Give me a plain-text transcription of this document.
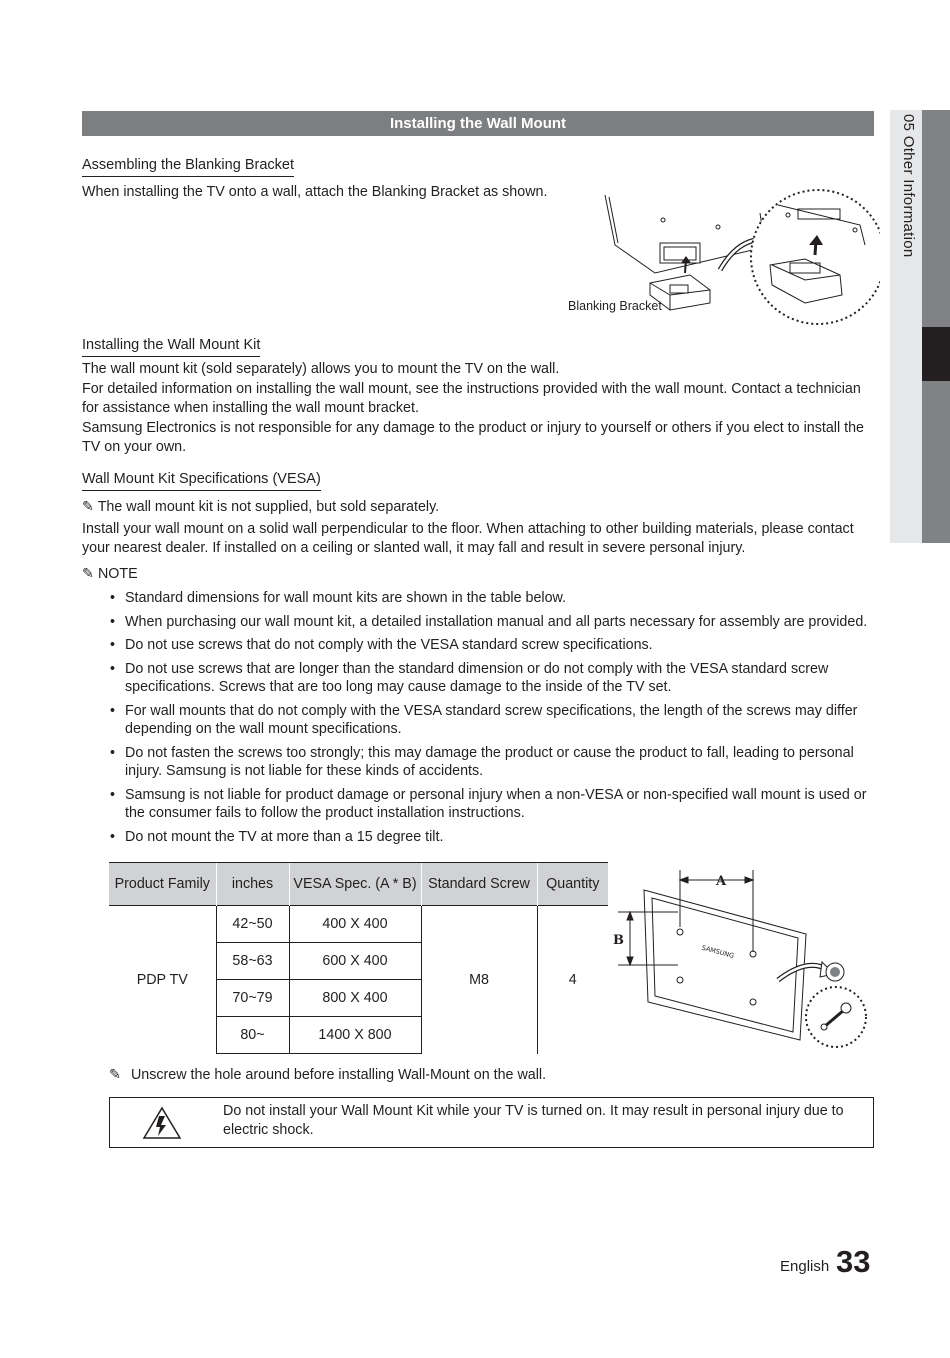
05 Other Information
Installing the Wall Mount
Assembling the Blanking Bracket
When installing the TV onto a wall, attach the Blanking Bracket as shown.
Blanking Bracket
Installing the Wall Mount Kit
The wall mount kit (sold separately) allows you to mount the TV on the wall.
For detailed information on installing the wall mount, see the instructions provided with the wall mount. Contact a technician for assistance when installing the wall mount bracket.
Samsung Electronics is not responsible for any damage to the product or injury to yourself or others if you elect to install the TV on your own.
Wall Mount Kit Specifications (VESA)
✎ The wall mount kit is not supplied, but sold separately.
Install your wall mount on a solid wall perpendicular to the floor. When attaching to other building materials, please contact your nearest dealer. If installed on a ceiling or slanted wall, it may fall and result in severe personal injury.
✎ NOTE
• Standard dimensions for wall mount kits are shown in the table below.
• When purchasing our wall mount kit, a detailed installation manual and all parts necessary for assembly are provided.
• Do not use screws that do not comply with the VESA standard screw specifications.
• Do not use screws that are longer than the standard dimension or do not comply with the VESA standard screw specifications. Screws that are too long may cause damage to the inside of the TV set.
• For wall mounts that do not comply with the VESA standard screw specifications, the length of the screws may differ depending on the wall mount specifications.
• Do not fasten the screws too strongly; this may damage the product or cause the product to fall, leading to personal injury. Samsung is not liable for these kinds of accidents.
• Samsung is not liable for product damage or personal injury when a non-VESA or non-specified wall mount is used or the consumer fails to follow the product installation instructions.
• Do not mount the TV at more than a 15 degree tilt.
Product Family	inches	VESA Spec. (A * B)	Standard Screw	Quantity
PDP TV	42~50	400 X 400	M8	4
	58~63	600 X 400		
	70~79	800 X 400		
	80~	1400 X 800		
A
B
SAMSUNG
✎ Unscrew the hole around before installing Wall-Mount on the wall.
Do not install your Wall Mount Kit while your TV is turned on. It may result in personal injury due to electric shock.
English 33
